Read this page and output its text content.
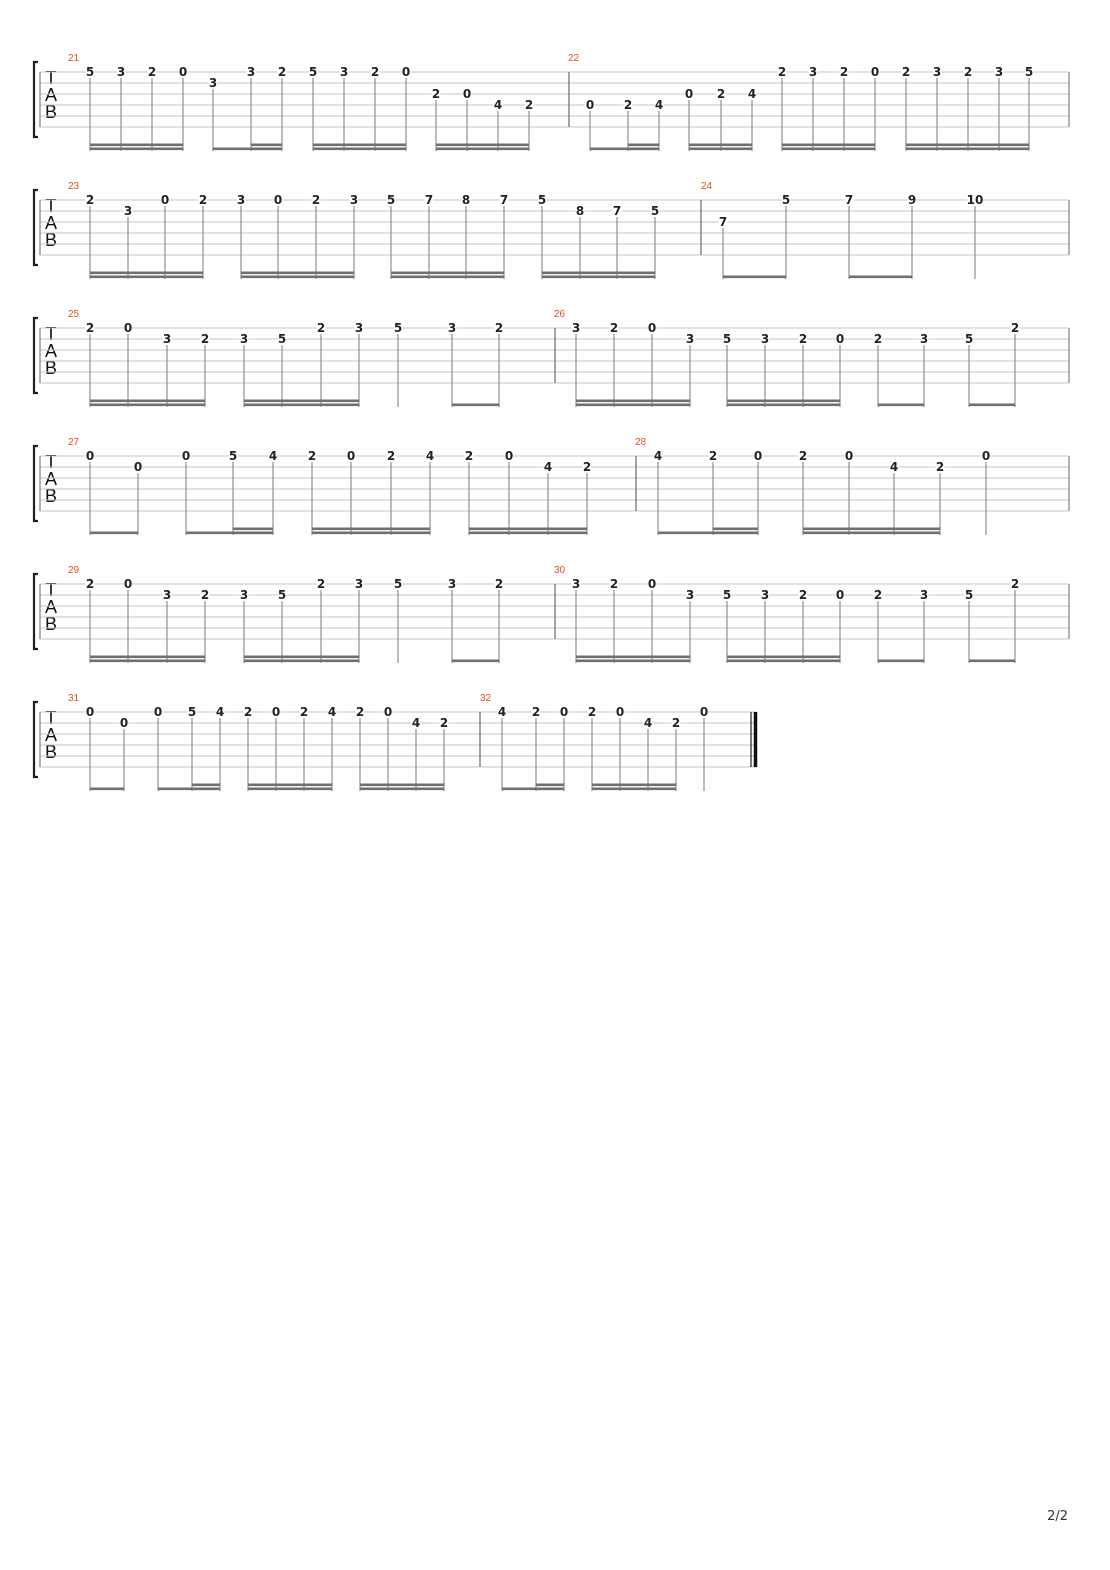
T
A
B
21
5 3 2 0
3
3 2 5 3 2 0
2 0
4 2
22
0 2 4
0 2 4
2 3 2 0 2 3 2 3 5
T
A
B
23
2
3
0 2 3 0 2 3 5 7 8 7 5
8 7 5
24
7
5	7	9	10
T
A
B
25
2 0
3 2	3 5
2 3	5	3	2
26
3 2 0
3 5 3 2 0 2	3	5
2
T
A
B
27
0
0
0	5	4	2	0	2	4	2	0
4	2
28
4	2	0	2	0
4	2
0
T
A
B
29
2 0
3 2	3 5
2 3	5	3	2
30
3 2 0
3 5 3 2 0 2	3	5
2
T
A
B
31
0
0
0 5 4 2 0 2 4 2 0
4 2
32
4 2 0 2 0
4 2
0
2/2
